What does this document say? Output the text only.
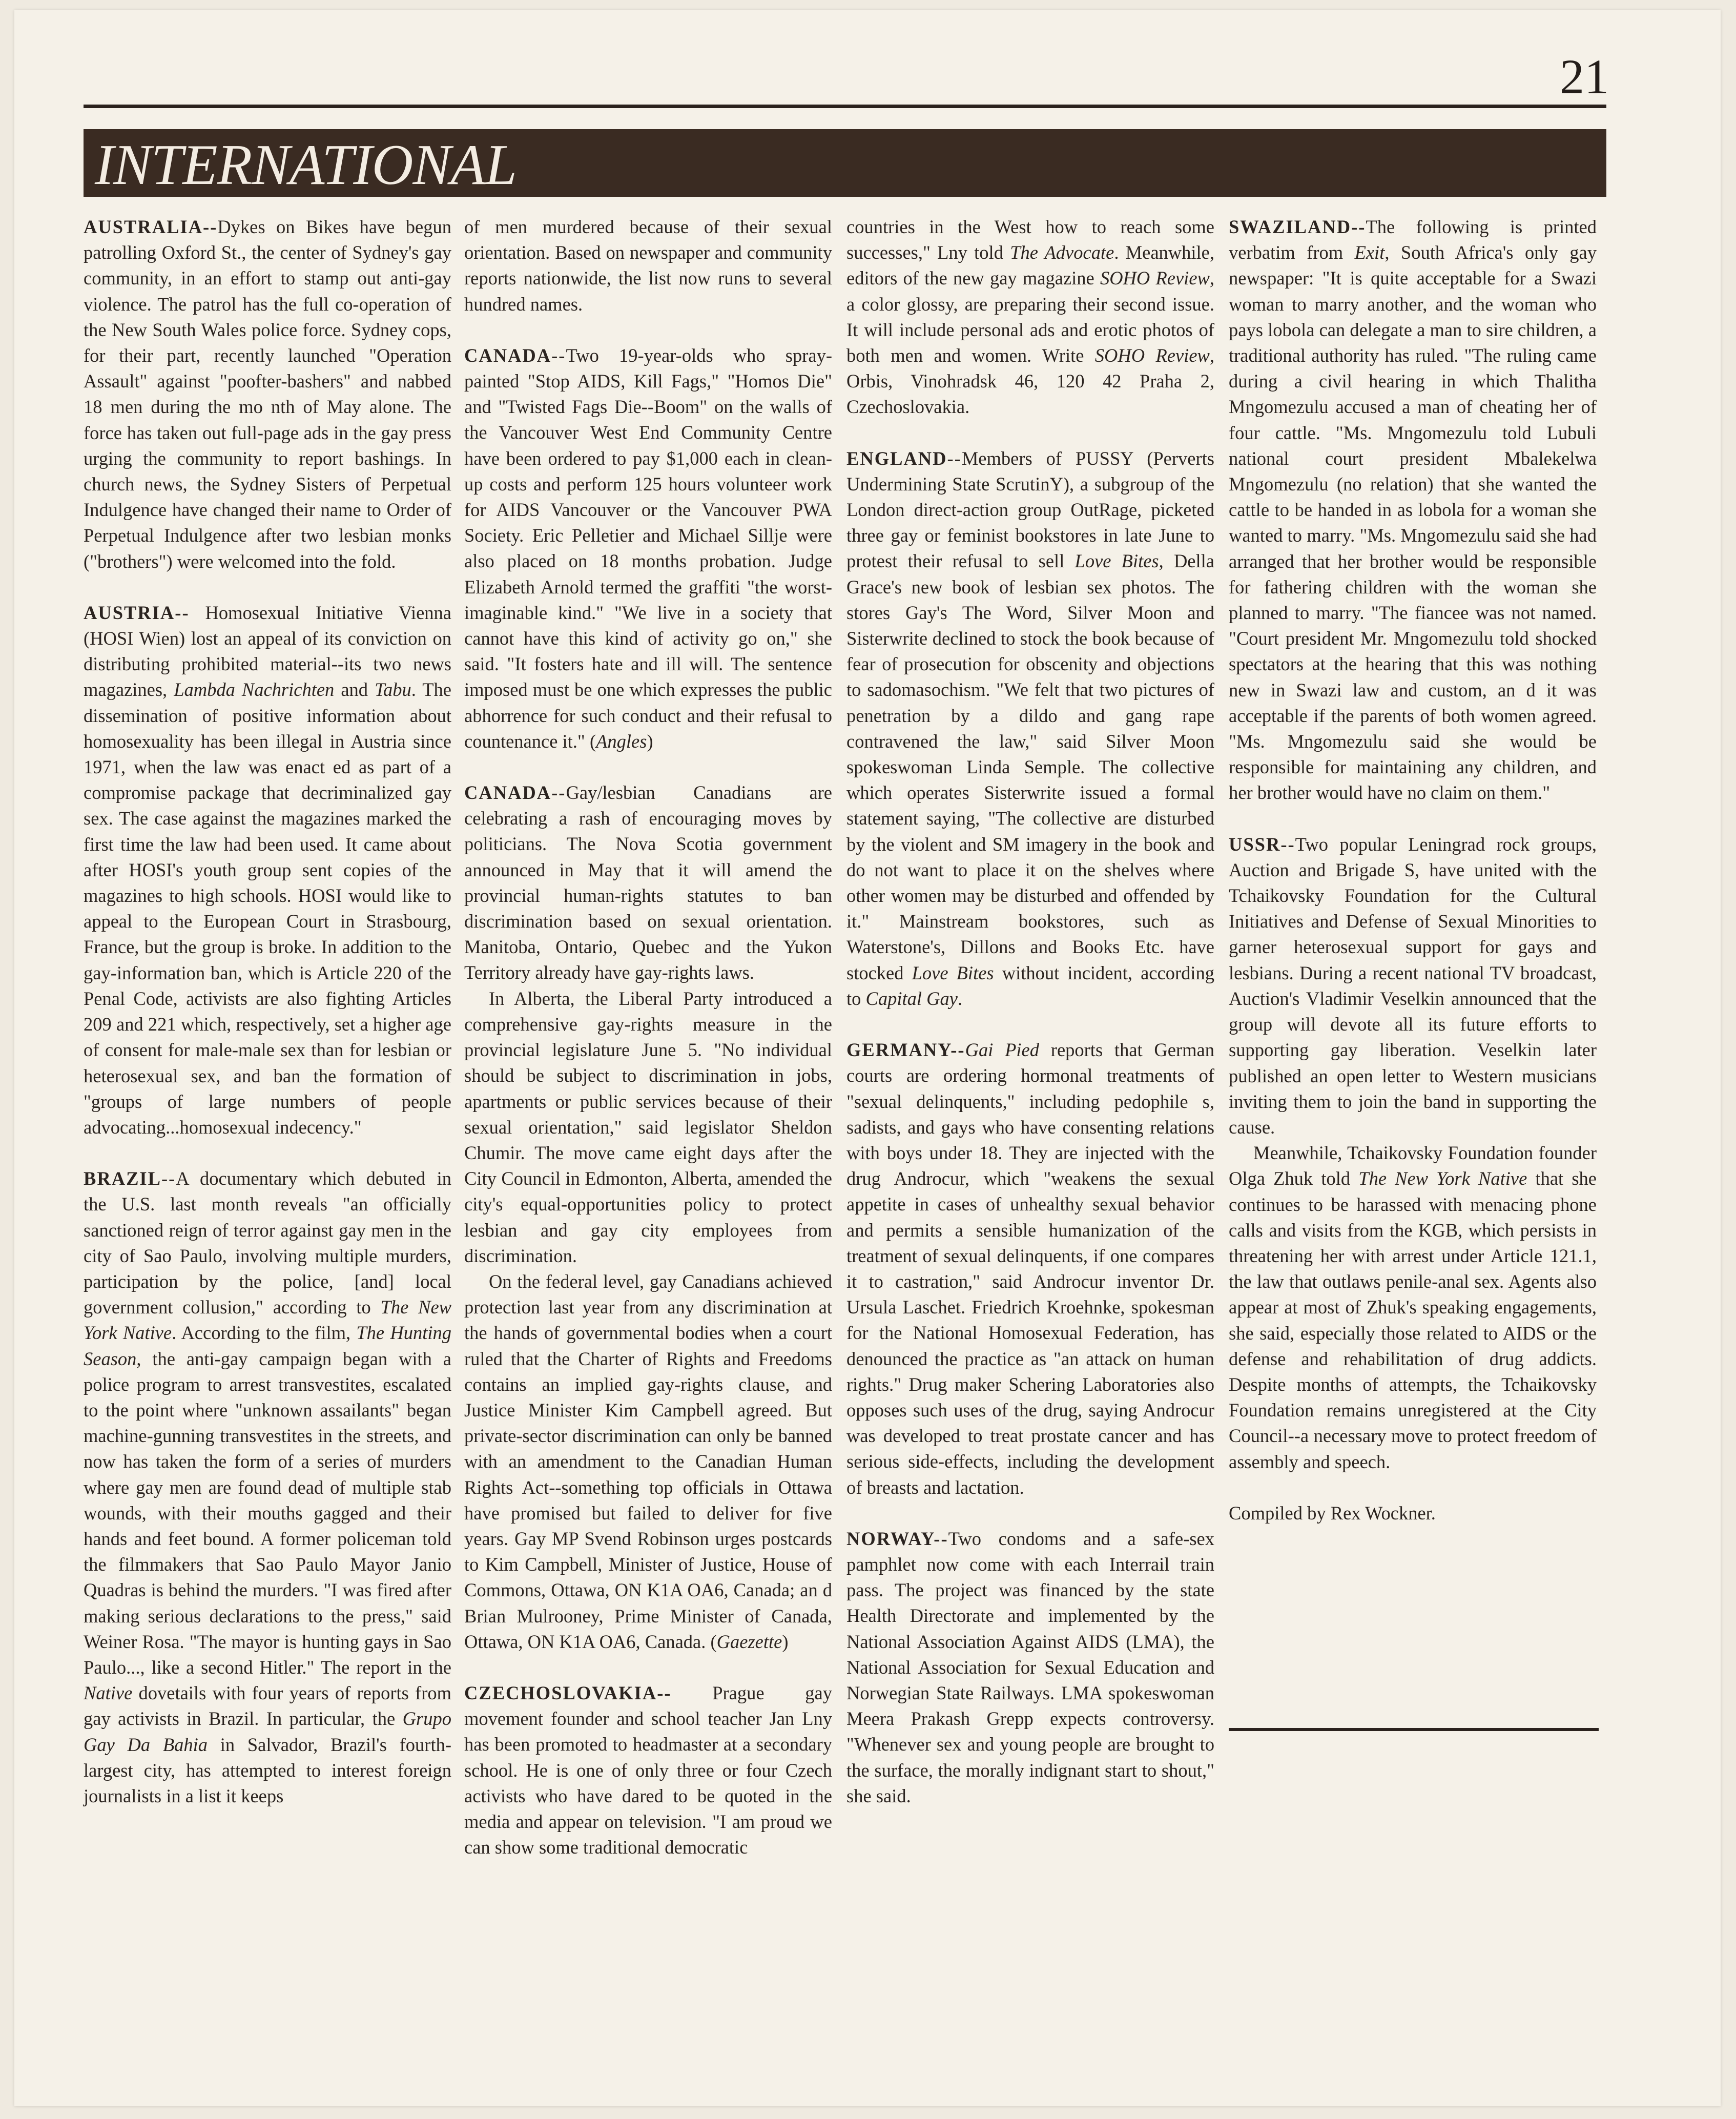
21
INTERNATIONAL

AUSTRALIA--Dykes on Bikes have begun patrolling Oxford St., the center of Sydney's gay community, in an effort to stamp out anti-gay violence. The patrol has the full co-operation of the New South Wales police force. Sydney cops, for their part, recently launched "Operation Assault" against "poofter-bashers" and nabbed 18 men during the mo nth of May alone. The force has taken out full-page ads in the gay press urging the community to report bashings. In church news, the Sydney Sisters of Perpetual Indulgence have changed their name to Order of Perpetual Indulgence after two lesbian monks ("brothers") were welcomed into the fold.

AUSTRIA-- Homosexual Initiative Vienna (HOSI Wien) lost an appeal of its conviction on distributing prohibited material--its two news magazines, Lambda Nachrichten and Tabu. The dissemination of positive information about homosexuality has been illegal in Austria since 1971, when the law was enact ed as part of a compromise package that decriminalized gay sex. The case against the magazines marked the first time the law had been used. It came about after HOSI's youth group sent copies of the magazines to high schools. HOSI would like to appeal to the European Court in Strasbourg, France, but the group is broke. In addition to the gay-information ban, which is Article 220 of the Penal Code, activists are also fighting Articles 209 and 221 which, respectively, set a higher age of consent for male-male sex than for lesbian or heterosexual sex, and ban the formation of "groups of large numbers of people advocating...homosexual indecency."

BRAZIL--A documentary which debuted in the U.S. last month reveals "an officially sanctioned reign of terror against gay men in the city of Sao Paulo, involving multiple murders, participation by the police, [and] local government collusion," according to The New York Native. According to the film, The Hunting Season, the anti-gay campaign began with a police program to arrest transvestites, escalated to the point where "unknown assailants" began machine-gunning transvestites in the streets, and now has taken the form of a series of murders where gay men are found dead of multiple stab wounds, with their mouths gagged and their hands and feet bound. A former policeman told the filmmakers that Sao Paulo Mayor Janio Quadras is behind the murders. "I was fired after making serious declarations to the press," said Weiner Rosa. "The mayor is hunting gays in Sao Paulo..., like a second Hitler." The report in the Native dovetails with four years of reports from gay activists in Brazil. In particular, the Grupo Gay Da Bahia in Salvador, Brazil's fourth-largest city, has attempted to interest foreign journalists in a list it keeps

of men murdered because of their sexual orientation. Based on newspaper and community reports nationwide, the list now runs to several hundred names.

CANADA--Two 19-year-olds who spray-painted "Stop AIDS, Kill Fags," "Homos Die" and "Twisted Fags Die--Boom" on the walls of the Vancouver West End Community Centre have been ordered to pay $1,000 each in clean-up costs and perform 125 hours volunteer work for AIDS Vancouver or the Vancouver PWA Society. Eric Pelletier and Michael Sillje were also placed on 18 months probation. Judge Elizabeth Arnold termed the graffiti "the worst-imaginable kind." "We live in a society that cannot have this kind of activity go on," she said. "It fosters hate and ill will. The sentence imposed must be one which expresses the public abhorrence for such conduct and their refusal to countenance it." (Angles)

CANADA--Gay/lesbian Canadians are celebrating a rash of encouraging moves by politicians. The Nova Scotia government announced in May that it will amend the provincial human-rights statutes to ban discrimination based on sexual orientation. Manitoba, Ontario, Quebec and the Yukon Territory already have gay-rights laws.

In Alberta, the Liberal Party introduced a comprehensive gay-rights measure in the provincial legislature June 5. "No individual should be subject to discrimination in jobs, apartments or public services because of their sexual orientation," said legislator Sheldon Chumir. The move came eight days after the City Council in Edmonton, Alberta, amended the city's equal-opportunities policy to protect lesbian and gay city employees from discrimination.

On the federal level, gay Canadians achieved protection last year from any discrimination at the hands of governmental bodies when a court ruled that the Charter of Rights and Freedoms contains an implied gay-rights clause, and Justice Minister Kim Campbell agreed. But private-sector discrimination can only be banned with an amendment to the Canadian Human Rights Act--something top officials in Ottawa have promised but failed to deliver for five years. Gay MP Svend Robinson urges postcards to Kim Campbell, Minister of Justice, House of Commons, Ottawa, ON K1A OA6, Canada; an d Brian Mulrooney, Prime Minister of Canada, Ottawa, ON K1A OA6, Canada. (Gaezette)

CZECHOSLOVAKIA-- Prague gay movement founder and school teacher Jan Lny has been promoted to headmaster at a secondary school. He is one of only three or four Czech activists who have dared to be quoted in the media and appear on television. "I am proud we can show some traditional democratic

countries in the West how to reach some successes," Lny told The Advocate. Meanwhile, editors of the new gay magazine SOHO Review, a color glossy, are preparing their second issue. It will include personal ads and erotic photos of both men and women. Write SOHO Review, Orbis, Vinohradsk 46, 120 42 Praha 2, Czechoslovakia.

ENGLAND--Members of PUSSY (Perverts Undermining State ScrutinY), a subgroup of the London direct-action group OutRage, picketed three gay or feminist bookstores in late June to protest their refusal to sell Love Bites, Della Grace's new book of lesbian sex photos. The stores Gay's The Word, Silver Moon and Sisterwrite declined to stock the book because of fear of prosecution for obscenity and objections to sadomasochism. "We felt that two pictures of penetration by a dildo and gang rape contravened the law," said Silver Moon spokeswoman Linda Semple. The collective which operates Sisterwrite issued a formal statement saying, "The collective are disturbed by the violent and SM imagery in the book and do not want to place it on the shelves where other women may be disturbed and offended by it." Mainstream bookstores, such as Waterstone's, Dillons and Books Etc. have stocked Love Bites without incident, according to Capital Gay.

GERMANY--Gai Pied reports that German courts are ordering hormonal treatments of "sexual delinquents," including pedophile s, sadists, and gays who have consenting relations with boys under 18. They are injected with the drug Androcur, which "weakens the sexual appetite in cases of unhealthy sexual behavior and permits a sensible humanization of the treatment of sexual delinquents, if one compares it to castration," said Androcur inventor Dr. Ursula Laschet. Friedrich Kroehnke, spokesman for the National Homosexual Federation, has denounced the practice as "an attack on human rights." Drug maker Schering Laboratories also opposes such uses of the drug, saying Androcur was developed to treat prostate cancer and has serious side-effects, including the development of breasts and lactation.

NORWAY--Two condoms and a safe-sex pamphlet now come with each Interrail train pass. The project was financed by the state Health Directorate and implemented by the National Association Against AIDS (LMA), the National Association for Sexual Education and Norwegian State Railways. LMA spokeswoman Meera Prakash Grepp expects controversy. "Whenever sex and young people are brought to the surface, the morally indignant start to shout," she said.

SWAZILAND--The following is printed verbatim from Exit, South Africa's only gay newspaper: "It is quite acceptable for a Swazi woman to marry another, and the woman who pays lobola can delegate a man to sire children, a traditional authority has ruled. "The ruling came during a civil hearing in which Thalitha Mngomezulu accused a man of cheating her of four cattle. "Ms. Mngomezulu told Lubuli national court president Mbalekelwa Mngomezulu (no relation) that she wanted the cattle to be handed in as lobola for a woman she wanted to marry. "Ms. Mngomezulu said she had arranged that her brother would be responsible for fathering children with the woman she planned to marry. "The fiancee was not named. "Court president Mr. Mngomezulu told shocked spectators at the hearing that this was nothing new in Swazi law and custom, an d it was acceptable if the parents of both women agreed. "Ms. Mngomezulu said she would be responsible for maintaining any children, and her brother would have no claim on them."

USSR--Two popular Leningrad rock groups, Auction and Brigade S, have united with the Tchaikovsky Foundation for the Cultural Initiatives and Defense of Sexual Minorities to garner heterosexual support for gays and lesbians. During a recent national TV broadcast, Auction's Vladimir Veselkin announced that the group will devote all its future efforts to supporting gay liberation. Veselkin later published an open letter to Western musicians inviting them to join the band in supporting the cause.

Meanwhile, Tchaikovsky Foundation founder Olga Zhuk told The New York Native that she continues to be harassed with menacing phone calls and visits from the KGB, which persists in threatening her with arrest under Article 121.1, the law that outlaws penile-anal sex. Agents also appear at most of Zhuk's speaking engagements, she said, especially those related to AIDS or the defense and rehabilitation of drug addicts. Despite months of attempts, the Tchaikovsky Foundation remains unregistered at the City Council--a necessary move to protect freedom of assembly and speech.

Compiled by Rex Wockner.
